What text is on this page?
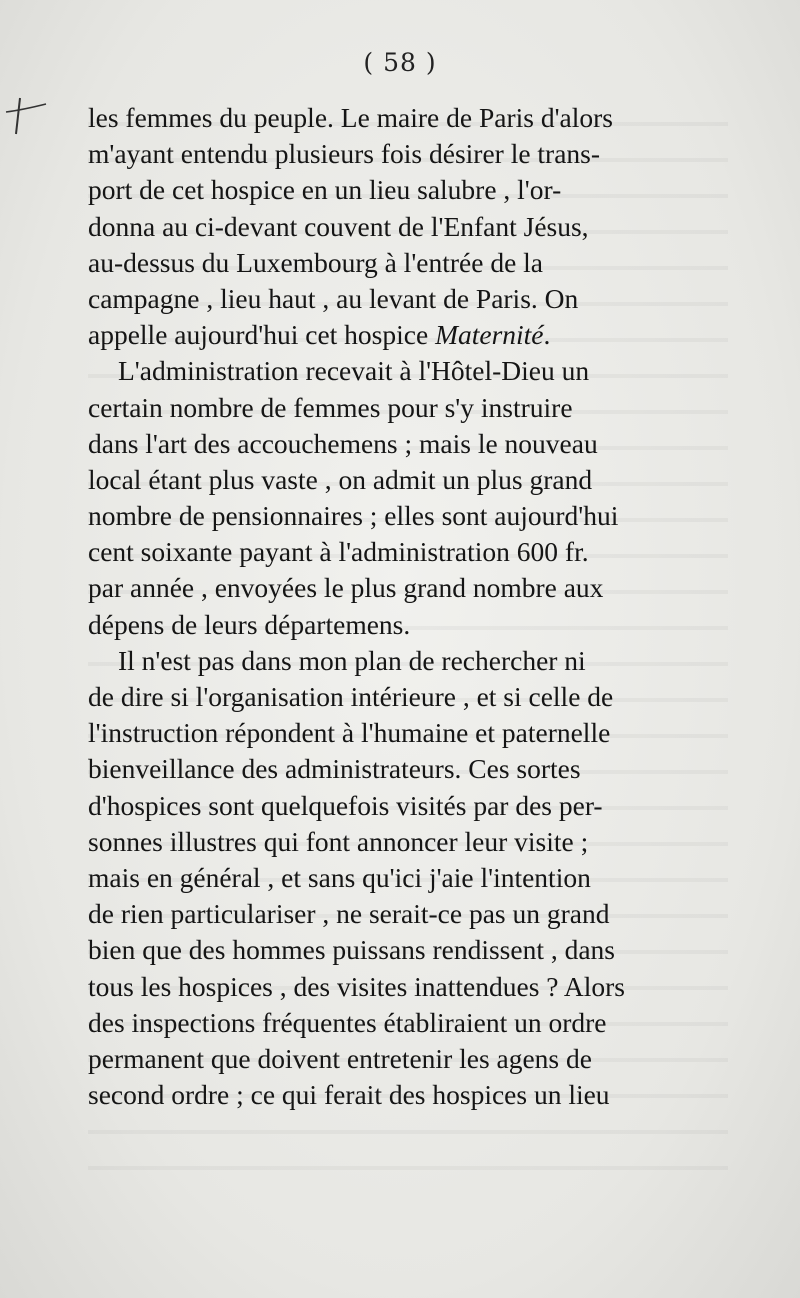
( 58 )
les femmes du peuple. Le maire de Paris d'alors
m'ayant entendu plusieurs fois désirer le trans-
port de cet hospice en un lieu salubre , l'or-
donna au ci-devant couvent de l'Enfant Jésus,
au-dessus du Luxembourg à l'entrée de la
campagne , lieu haut , au levant de Paris. On
appelle aujourd'hui cet hospice Maternité.
L'administration recevait à l'Hôtel-Dieu un
certain nombre de femmes pour s'y instruire
dans l'art des accouchemens ; mais le nouveau
local étant plus vaste , on admit un plus grand
nombre de pensionnaires ; elles sont aujourd'hui
cent soixante payant à l'administration 600 fr.
par année , envoyées le plus grand nombre aux
dépens de leurs départemens.
Il n'est pas dans mon plan de rechercher ni
de dire si l'organisation intérieure , et si celle de
l'instruction répondent à l'humaine et paternelle
bienveillance des administrateurs. Ces sortes
d'hospices sont quelquefois visités par des per-
sonnes illustres qui font annoncer leur visite ;
mais en général , et sans qu'ici j'aie l'intention
de rien particulariser , ne serait-ce pas un grand
bien que des hommes puissans rendissent , dans
tous les hospices , des visites inattendues ? Alors
des inspections fréquentes établiraient un ordre
permanent que doivent entretenir les agens de
second ordre ; ce qui ferait des hospices un lieu
